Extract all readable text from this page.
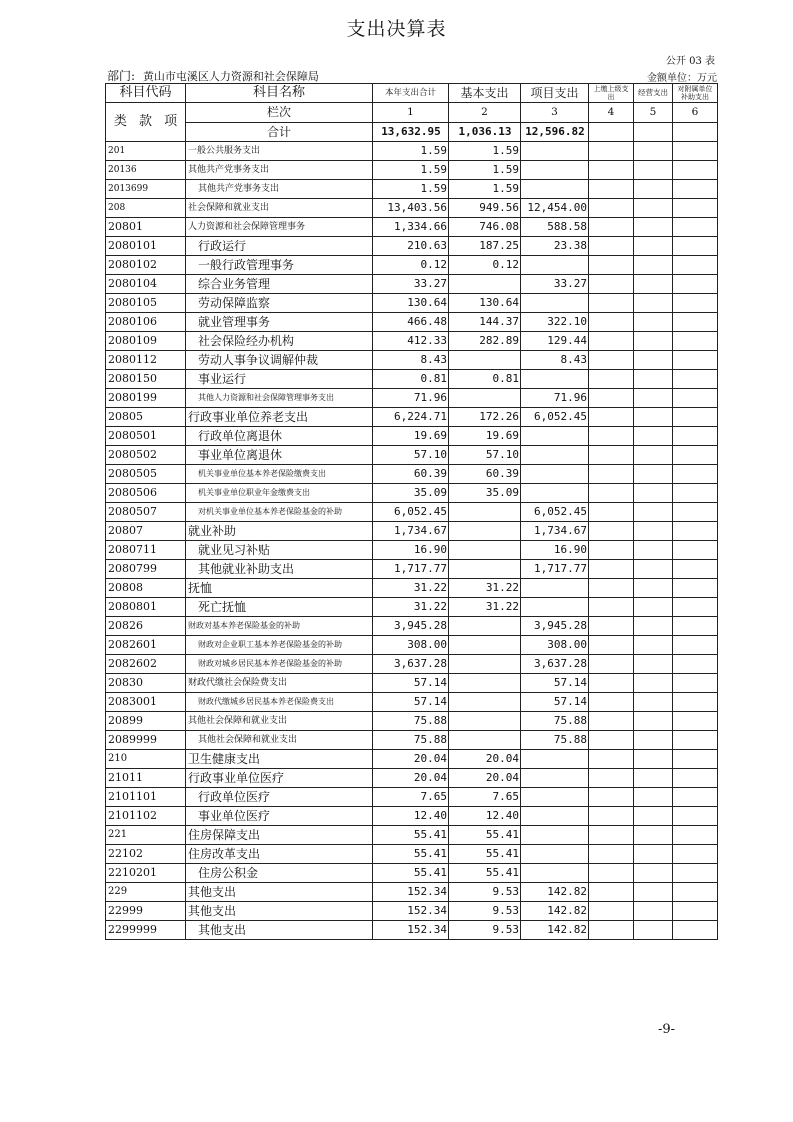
支出决算表
公开 03 表
部门: 黄山市屯溪区人力资源和社会保障局	金额单位：万元
科目代码	科目名称	本年支出合计	基本支出	项目支出	上缴上级支出	经营支出	对附属单位补助支出
类 款 项	栏次	1	2	3	4	5	6
	合计	13,632.95	1,036.13	12,596.82			
201	一般公共服务支出	1.59	1.59				
20136	其他共产党事务支出	1.59	1.59				
2013699	其他共产党事务支出	1.59	1.59				
208	社会保障和就业支出	13,403.56	949.56	12,454.00			
20801	人力资源和社会保障管理事务	1,334.66	746.08	588.58			
2080101	行政运行	210.63	187.25	23.38			
2080102	一般行政管理事务	0.12	0.12				
2080104	综合业务管理	33.27		33.27			
2080105	劳动保障监察	130.64	130.64				
2080106	就业管理事务	466.48	144.37	322.10			
2080109	社会保险经办机构	412.33	282.89	129.44			
2080112	劳动人事争议调解仲裁	8.43		8.43			
2080150	事业运行	0.81	0.81				
2080199	其他人力资源和社会保障管理事务支出	71.96		71.96			
20805	行政事业单位养老支出	6,224.71	172.26	6,052.45			
2080501	行政单位离退休	19.69	19.69				
2080502	事业单位离退休	57.10	57.10				
2080505	机关事业单位基本养老保险缴费支出	60.39	60.39				
2080506	机关事业单位职业年金缴费支出	35.09	35.09				
2080507	对机关事业单位基本养老保险基金的补助	6,052.45		6,052.45			
20807	就业补助	1,734.67		1,734.67			
2080711	就业见习补贴	16.90		16.90			
2080799	其他就业补助支出	1,717.77		1,717.77			
20808	抚恤	31.22	31.22				
2080801	死亡抚恤	31.22	31.22				
20826	财政对基本养老保险基金的补助	3,945.28		3,945.28			
2082601	财政对企业职工基本养老保险基金的补助	308.00		308.00			
2082602	财政对城乡居民基本养老保险基金的补助	3,637.28		3,637.28			
20830	财政代缴社会保险费支出	57.14		57.14			
2083001	财政代缴城乡居民基本养老保险费支出	57.14		57.14			
20899	其他社会保障和就业支出	75.88		75.88			
2089999	其他社会保障和就业支出	75.88		75.88			
210	卫生健康支出	20.04	20.04				
21011	行政事业单位医疗	20.04	20.04				
2101101	行政单位医疗	7.65	7.65				
2101102	事业单位医疗	12.40	12.40				
221	住房保障支出	55.41	55.41				
22102	住房改革支出	55.41	55.41				
2210201	住房公积金	55.41	55.41				
229	其他支出	152.34	9.53	142.82			
22999	其他支出	152.34	9.53	142.82			
2299999	其他支出	152.34	9.53	142.82			
-9-
